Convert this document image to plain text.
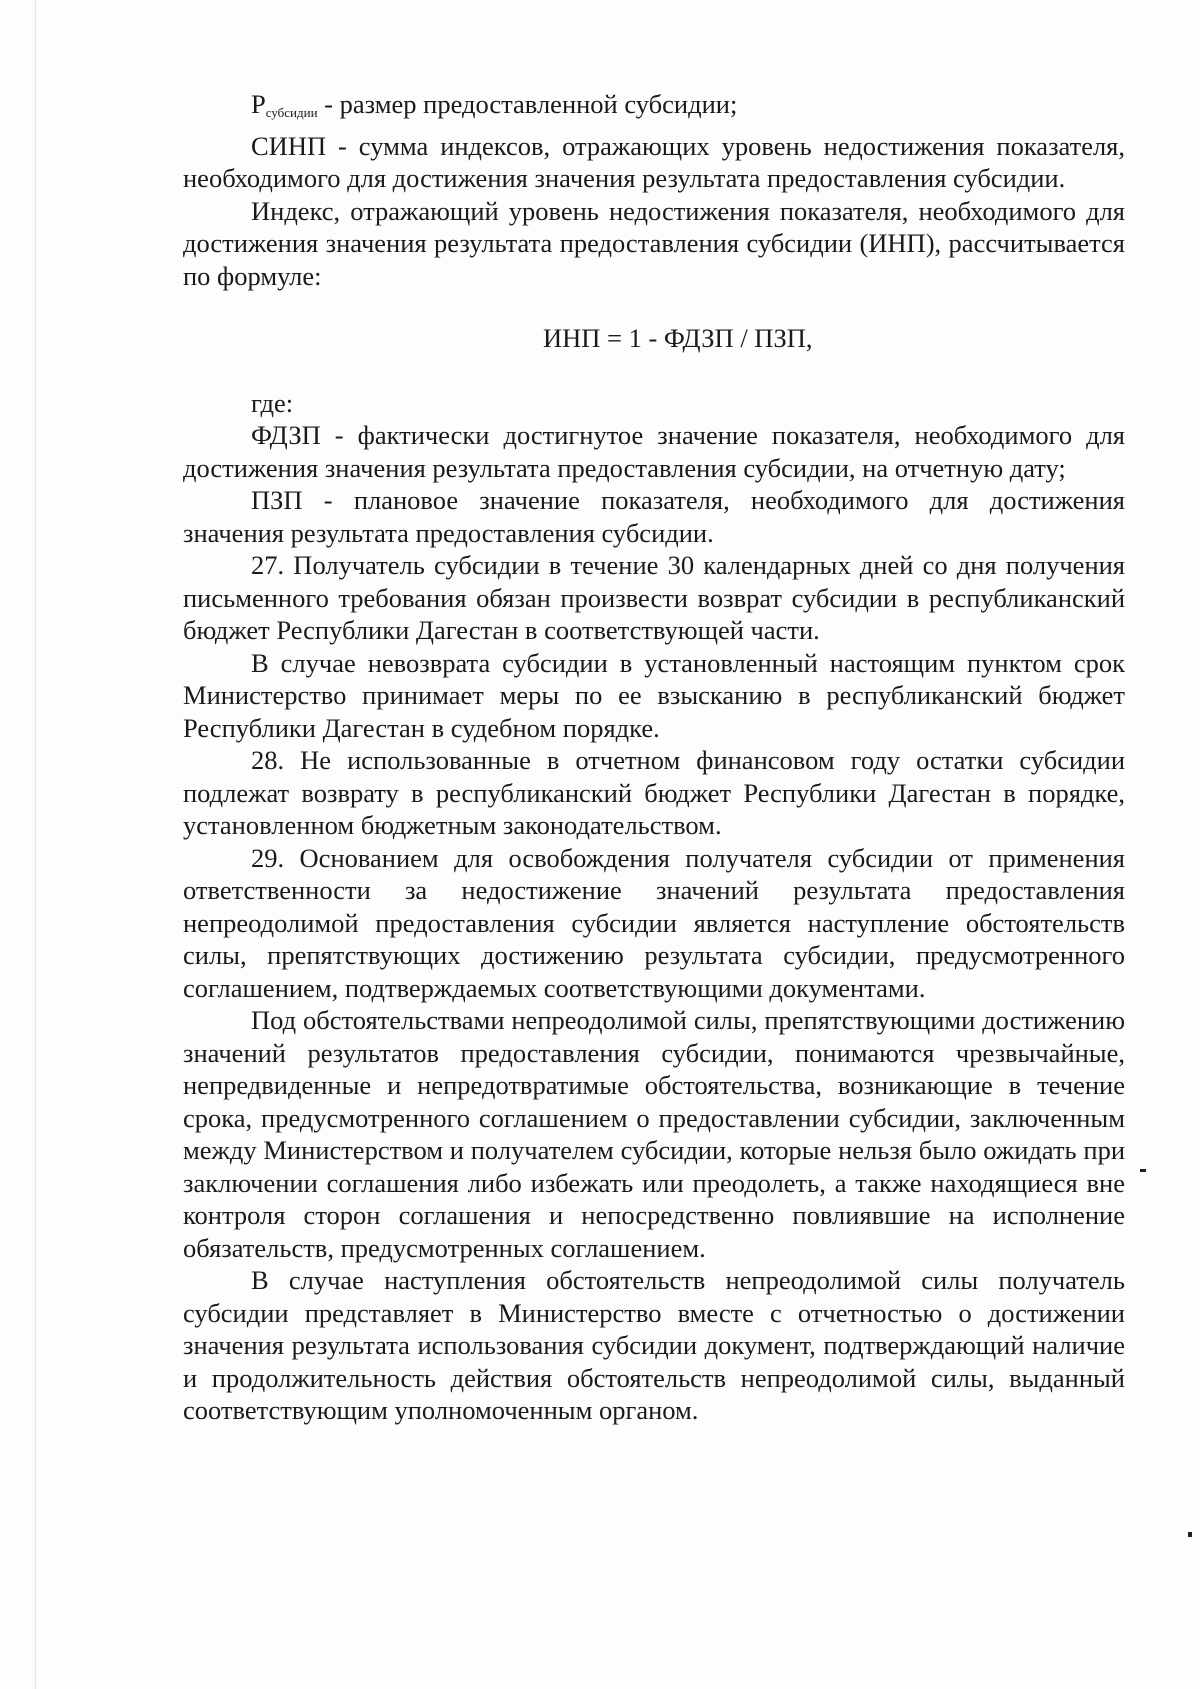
$Р_{субсидии}$ - размер предоставленной субсидии;

СИНП - сумма индексов, отражающих уровень недостижения показателя, необходимого для достижения значения результата предоставления субсидии.

Индекс, отражающий уровень недостижения показателя, необходимого для достижения значения результата предоставления субсидии (ИНП), рассчитывается по формуле:

ИНП = 1 - ФДЗП / ПЗП,

где:

ФДЗП - фактически достигнутое значение показателя, необходимого для достижения значения результата предоставления субсидии, на отчетную дату;

ПЗП - плановое значение показателя, необходимого для достижения значения результата предоставления субсидии.

27. Получатель субсидии в течение 30 календарных дней со дня получения письменного требования обязан произвести возврат субсидии в республиканский бюджет Республики Дагестан в соответствующей части.

В случае невозврата субсидии в установленный настоящим пунктом срок Министерство принимает меры по ее взысканию в республиканский бюджет Республики Дагестан в судебном порядке.

28. Не использованные в отчетном финансовом году остатки субсидии подлежат возврату в республиканский бюджет Республики Дагестан в порядке, установленном бюджетным законодательством.

29. Основанием для освобождения получателя субсидии от применения ответственности за недостижение значений результата предоставления непреодолимой предоставления субсидии является наступление обстоятельств силы, препятствующих достижению результата субсидии, предусмотренного соглашением, подтверждаемых соответствующими документами.

Под обстоятельствами непреодолимой силы, препятствующими достижению значений результатов предоставления субсидии, понимаются чрезвычайные, непредвиденные и непредотвратимые обстоятельства, возникающие в течение срока, предусмотренного соглашением о предоставлении субсидии, заключенным между Министерством и получателем субсидии, которые нельзя было ожидать при заключении соглашения либо избежать или преодолеть, а также находящиеся вне контроля сторон соглашения и непосредственно повлиявшие на исполнение обязательств, предусмотренных соглашением.

В случае наступления обстоятельств непреодолимой силы получатель субсидии представляет в Министерство вместе с отчетностью о достижении значения результата использования субсидии документ, подтверждающий наличие и продолжительность действия обстоятельств непреодолимой силы, выданный соответствующим уполномоченным органом.
